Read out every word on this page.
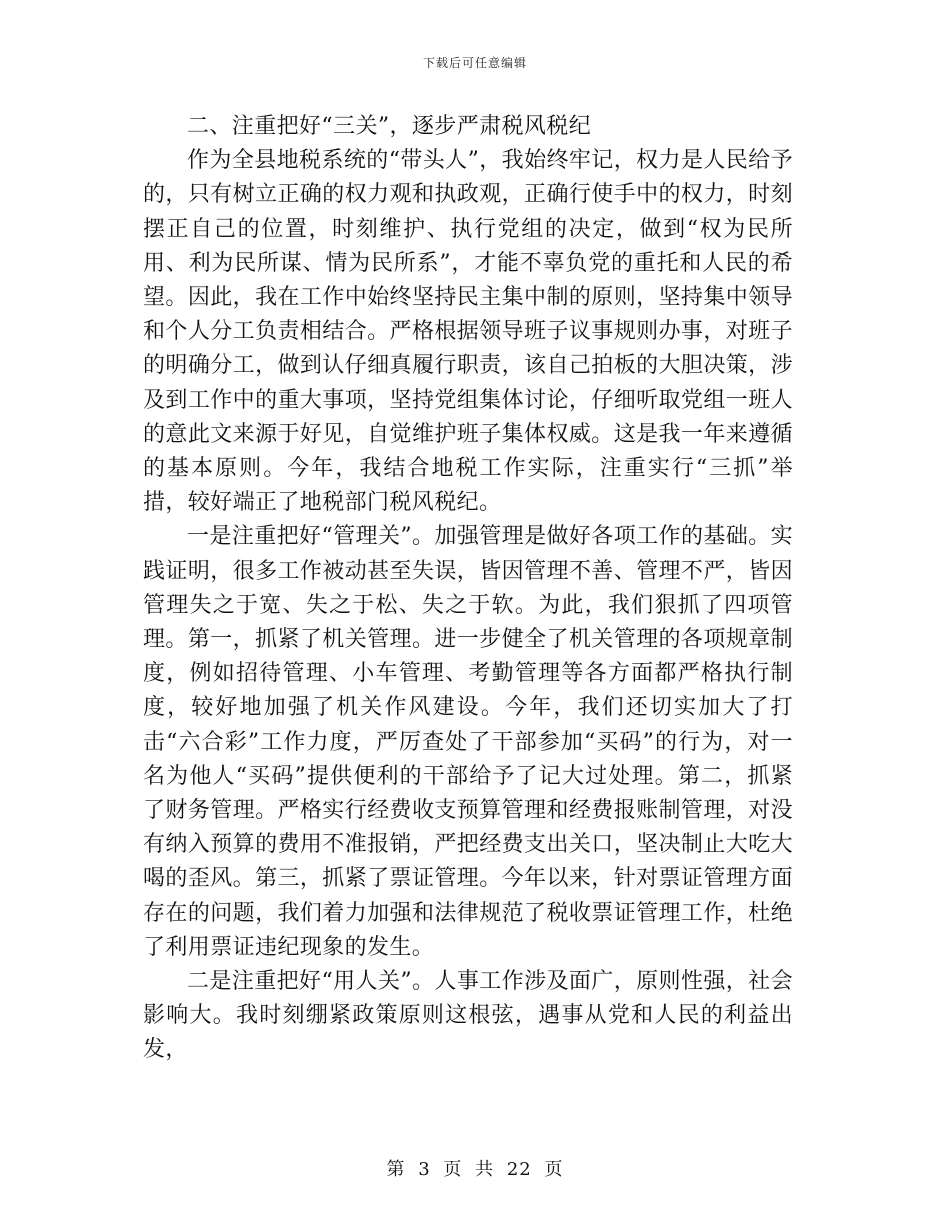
下载后可任意编辑

二、注重把好“三关”，逐步严肃税风税纪

作为全县地税系统的“带头人”，我始终牢记，权力是人民给予的，只有树立正确的权力观和执政观，正确行使手中的权力，时刻摆正自己的位置，时刻维护、执行党组的决定，做到“权为民所用、利为民所谋、情为民所系”，才能不辜负党的重托和人民的希望。因此，我在工作中始终坚持民主集中制的原则，坚持集中领导和个人分工负责相结合。严格根据领导班子议事规则办事，对班子的明确分工，做到认仔细真履行职责，该自己拍板的大胆决策，涉及到工作中的重大事项，坚持党组集体讨论，仔细听取党组一班人的意此文来源于好见，自觉维护班子集体权威。这是我一年来遵循的基本原则。今年，我结合地税工作实际，注重实行“三抓”举措，较好端正了地税部门税风税纪。

一是注重把好“管理关”。加强管理是做好各项工作的基础。实践证明，很多工作被动甚至失误，皆因管理不善、管理不严，皆因管理失之于宽、失之于松、失之于软。为此，我们狠抓了四项管理。第一，抓紧了机关管理。进一步健全了机关管理的各项规章制度，例如招待管理、小车管理、考勤管理等各方面都严格执行制度，较好地加强了机关作风建设。今年，我们还切实加大了打击“六合彩”工作力度，严厉查处了干部参加“买码”的行为，对一名为他人“买码”提供便利的干部给予了记大过处理。第二，抓紧了财务管理。严格实行经费收支预算管理和经费报账制管理，对没有纳入预算的费用不准报销，严把经费支出关口，坚决制止大吃大喝的歪风。第三，抓紧了票证管理。今年以来，针对票证管理方面存在的问题，我们着力加强和法律规范了税收票证管理工作，杜绝了利用票证违纪现象的发生。

二是注重把好“用人关”。人事工作涉及面广，原则性强，社会影响大。我时刻绷紧政策原则这根弦，遇事从党和人民的利益出发，

第 3 页 共 22 页
